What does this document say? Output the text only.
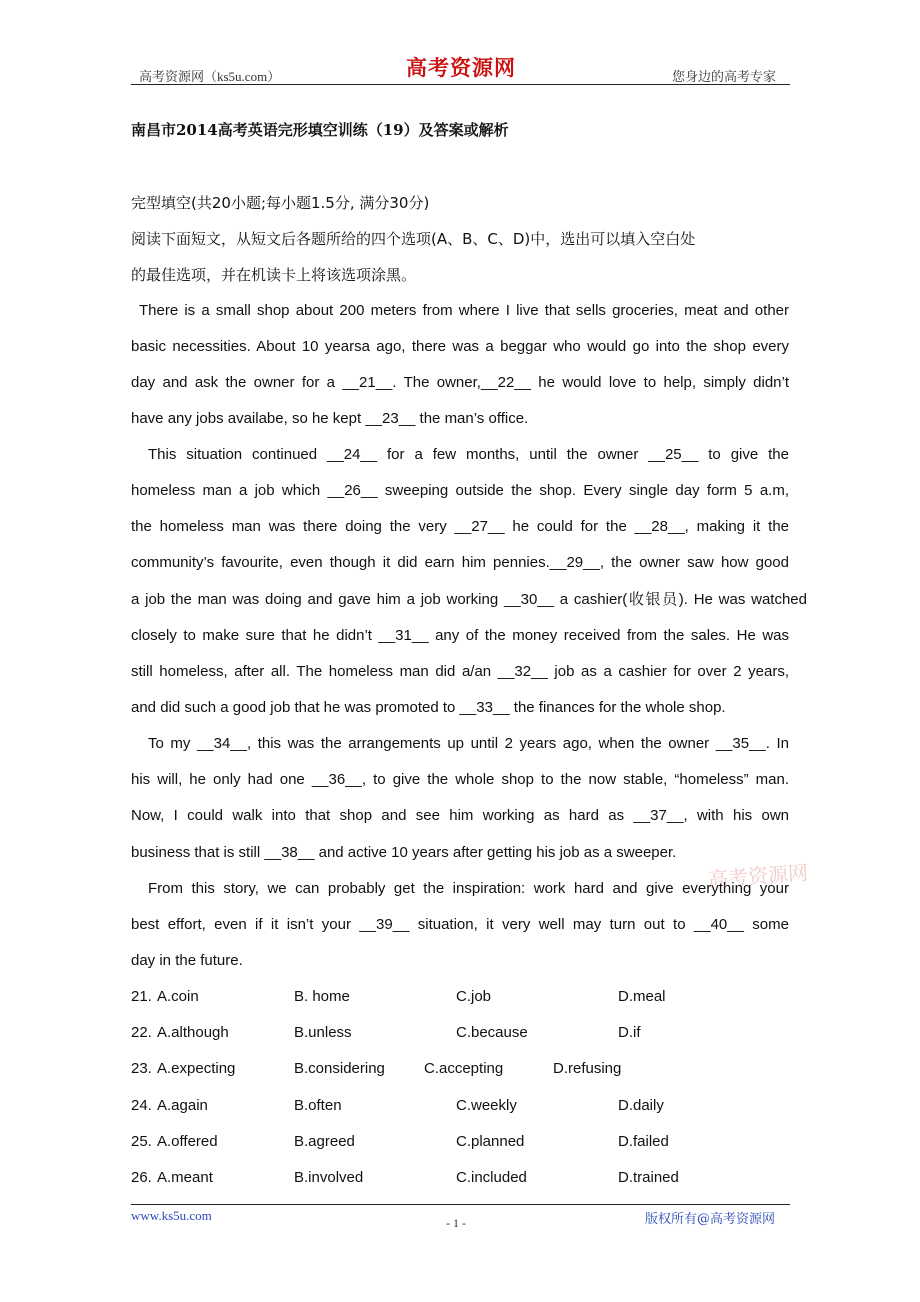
高考资源网（ks5u.com）	高考资源网	您身边的高考专家
南昌市2014高考英语完形填空训练（19）及答案或解析
完型填空(共20小题;每小题1.5分, 满分30分)
阅读下面短文，从短文后各题所给的四个选项(A、B、C、D)中，选出可以填入空白处
的最佳选项，并在机读卡上将该选项涂黑。
There is a small shop about 200 meters from where I live that sells groceries, meat and other
basic necessities. About 10 yearsa ago, there was a beggar who would go into the shop every
day and ask the owner for a __21__. The owner,__22__ he would love to help, simply didn’t
have any jobs availabe, so he kept __23__ the man’s office.
This situation continued __24__ for a few months, until the owner __25__ to give the
homeless man a job which __26__ sweeping outside the shop. Every single day form 5 a.m,
the homeless man was there doing the very __27__ he could for the __28__, making it the
community’s favourite, even though it did earn him pennies.__29__, the owner saw how good
a job the man was doing and gave him a job working __30__ a cashier(收银员). He was watched
closely to make sure that he didn’t __31__ any of the money received from the sales. He was
still homeless, after all. The homeless man did a/an __32__ job as a cashier for over 2 years,
and did such a good job that he was promoted to __33__ the finances for the whole shop.
To my __34__, this was the arrangements up until 2 years ago, when the owner __35__. In
his will, he only had one __36__, to give the whole shop to the now stable, “homeless” man.
Now, I could walk into that shop and see him working as hard as __37__, with his own
business that is still __38__ and active 10 years after getting his job as a sweeper.
From this story, we can probably get the inspiration: work hard and give everything your
best effort, even if it isn’t your __39__ situation, it very well may turn out to __40__ some
day in the future.
高考资源网
21. A.coin	B. home	C.job	D.meal
22. A.although	B.unless	C.because	D.if
23. A.expecting	B.considering	C.accepting	D.refusing
24. A.again	B.often	C.weekly	D.daily
25. A.offered	B.agreed	C.planned	D.failed
26. A.meant	B.involved	C.included	D.trained
www.ks5u.com	- 1 -	版权所有@高考资源网
